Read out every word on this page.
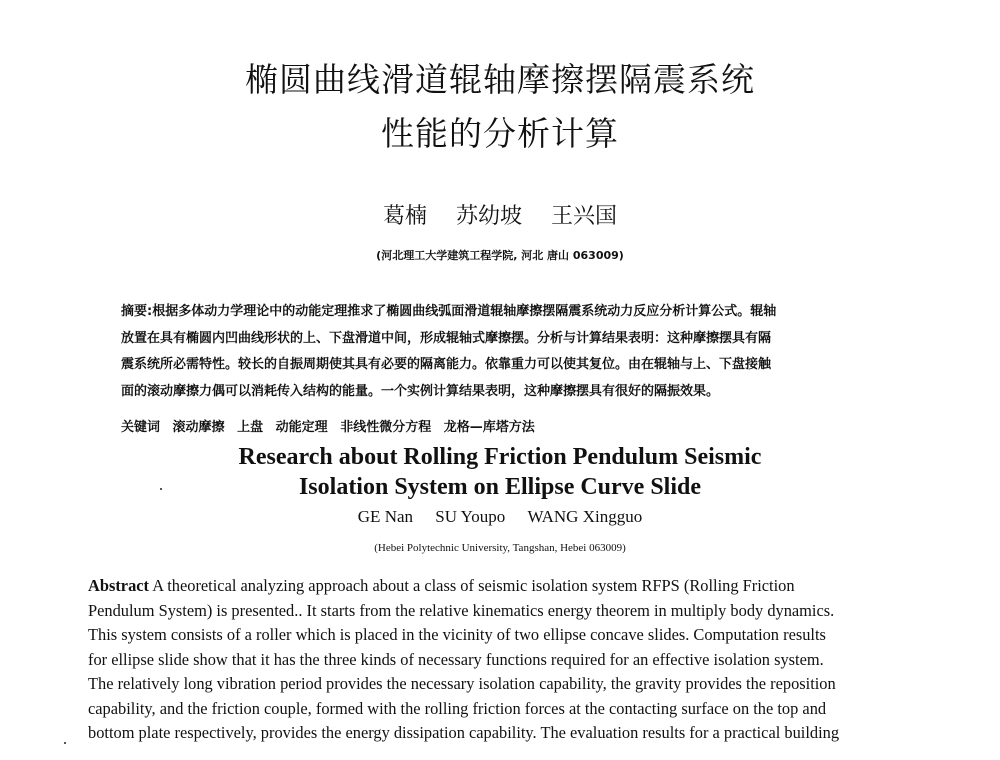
椭圆曲线滑道辊轴摩擦摆隔震系统
性能的分析计算
葛楠 苏幼坡 王兴国
(河北理工大学建筑工程学院, 河北 唐山 063009)
摘要:根据多体动力学理论中的动能定理推求了椭圆曲线弧面滑道辊轴摩擦摆隔震系统动力反应分析计算公式。辊轴
放置在具有椭圆内凹曲线形状的上、下盘滑道中间，形成辊轴式摩擦摆。分析与计算结果表明：这种摩擦摆具有隔
震系统所必需特性。较长的自振周期使其具有必要的隔离能力。依靠重力可以使其复位。由在辊轴与上、下盘接触
面的滚动摩擦力偶可以消耗传入结构的能量。一个实例计算结果表明，这种摩擦摆具有很好的隔振效果。
关键词 滚动摩擦 上盘 动能定理 非线性微分方程 龙格—库塔方法
Research about Rolling Friction Pendulum Seismic
Isolation System on Ellipse Curve Slide
GE Nan SU Youpo WANG Xingguo
(Hebei Polytechnic University, Tangshan, Hebei 063009)
Abstract A theoretical analyzing approach about a class of seismic isolation system RFPS (Rolling Friction
Pendulum System) is presented.. It starts from the relative kinematics energy theorem in multiply body dynamics.
This system consists of a roller which is placed in the vicinity of two ellipse concave slides. Computation results
for ellipse slide show that it has the three kinds of necessary functions required for an effective isolation system.
The relatively long vibration period provides the necessary isolation capability, the gravity provides the reposition
capability, and the friction couple, formed with the rolling friction forces at the contacting surface on the top and
bottom plate respectively, provides the energy dissipation capability. The evaluation results for a practical building
